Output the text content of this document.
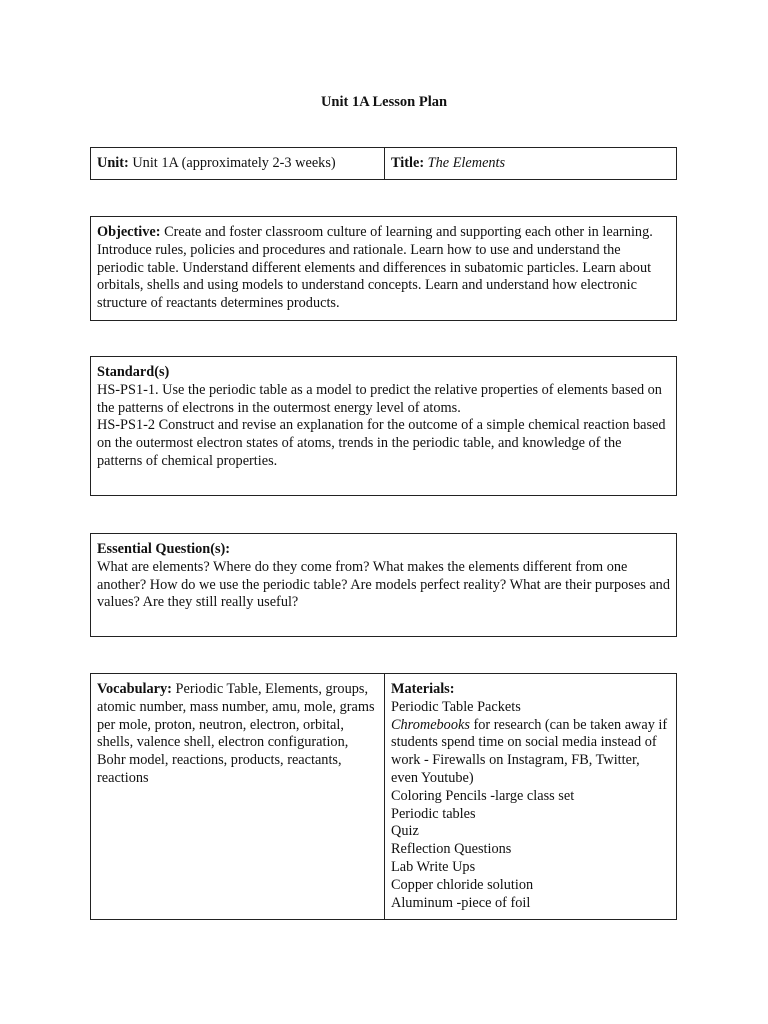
Unit 1A Lesson Plan
Unit: Unit 1A (approximately 2-3 weeks)	Title: The Elements
Objective: Create and foster classroom culture of learning and supporting each other in learning. Introduce rules, policies and procedures and rationale. Learn how to use and understand the periodic table. Understand different elements and differences in subatomic particles. Learn about orbitals, shells and using models to understand concepts. Learn and understand how electronic structure of reactants determines products.
Standard(s)
HS-PS1-1. Use the periodic table as a model to predict the relative properties of elements based on the patterns of electrons in the outermost energy level of atoms.
HS-PS1-2 Construct and revise an explanation for the outcome of a simple chemical reaction based on the outermost electron states of atoms, trends in the periodic table, and knowledge of the patterns of chemical properties.
Essential Question(s):
What are elements? Where do they come from? What makes the elements different from one another? How do we use the periodic table? Are models perfect reality? What are their purposes and values? Are they still really useful?
Vocabulary: Periodic Table, Elements, groups, atomic number, mass number, amu, mole, grams per mole, proton, neutron, electron, orbital, shells, valence shell, electron configuration, Bohr model, reactions, products, reactants, reactions
Materials:
Periodic Table Packets
Chromebooks for research (can be taken away if students spend time on social media instead of work - Firewalls on Instagram, FB, Twitter, even Youtube)
Coloring Pencils -large class set
Periodic tables
Quiz
Reflection Questions
Lab Write Ups
Copper chloride solution
Aluminum -piece of foil
